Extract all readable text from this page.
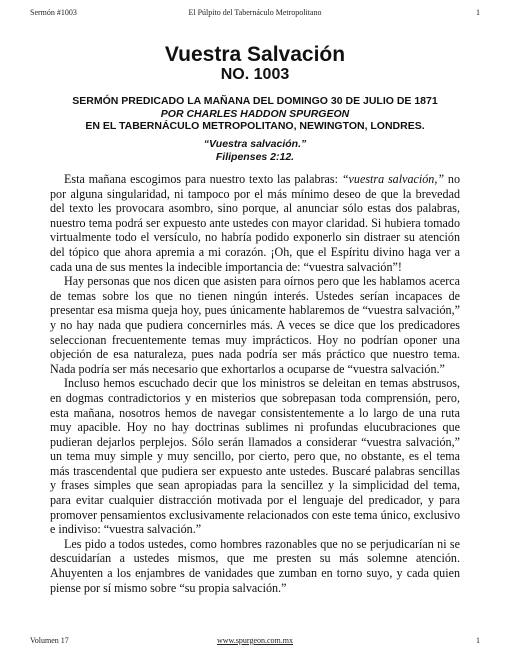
Sermón #1003	El Púlpito del Tabernáculo Metropolitano	1
Vuestra Salvación
NO. 1003
SERMÓN PREDICADO LA MAÑANA DEL DOMINGO 30 DE JULIO DE 1871
POR CHARLES HADDON SPURGEON
EN EL TABERNÁCULO METROPOLITANO, NEWINGTON, LONDRES.
“Vuestra salvación.”
Filipenses 2:12.

Esta mañana escogimos para nuestro texto las palabras: “vuestra salvación,” no por alguna singularidad, ni tampoco por el más mínimo deseo de que la brevedad del texto les provocara asombro, sino porque, al anunciar sólo estas dos palabras, nuestro tema podrá ser expuesto ante ustedes con mayor claridad. Si hubiera tomado virtualmente todo el versículo, no habría podido exponerlo sin distraer su atención del tópico que ahora apremia a mi corazón. ¡Oh, que el Espíritu divino haga ver a cada una de sus mentes la indecible importancia de: “vuestra salvación”!

Hay personas que nos dicen que asisten para oírnos pero que les hablamos acerca de temas sobre los que no tienen ningún interés. Ustedes serían incapaces de presentar esa misma queja hoy, pues únicamente hablaremos de “vuestra salvación,” y no hay nada que pudiera concernirles más. A veces se dice que los predicadores seleccionan frecuentemente temas muy imprácticos. Hoy no podrían oponer una objeción de esa naturaleza, pues nada podría ser más práctico que nuestro tema. Nada podría ser más necesario que exhortarlos a ocuparse de “vuestra salvación.”

Incluso hemos escuchado decir que los ministros se deleitan en temas abstrusos, en dogmas contradictorios y en misterios que sobrepasan toda comprensión, pero, esta mañana, nosotros hemos de navegar consistentemente a lo largo de una ruta muy apacible. Hoy no hay doctrinas sublimes ni profundas elucubraciones que pudieran dejarlos perplejos. Sólo serán llamados a considerar “vuestra salvación,” un tema muy simple y muy sencillo, por cierto, pero que, no obstante, es el tema más trascendental que pudiera ser expuesto ante ustedes. Buscaré palabras sencillas y frases simples que sean apropiadas para la sencillez y la simplicidad del tema, para evitar cualquier distracción motivada por el lenguaje del predicador, y para promover pensamientos exclusivamente relacionados con este tema único, exclusivo e indiviso: “vuestra salvación.”

Les pido a todos ustedes, como hombres razonables que no se perjudicarían ni se descuidarían a ustedes mismos, que me presten su más solemne atención. Ahuyenten a los enjambres de vanidades que zumban en torno suyo, y cada quien piense por sí mismo sobre “su propia salvación.”

Volumen 17	www.spurgeon.com.mx	1
